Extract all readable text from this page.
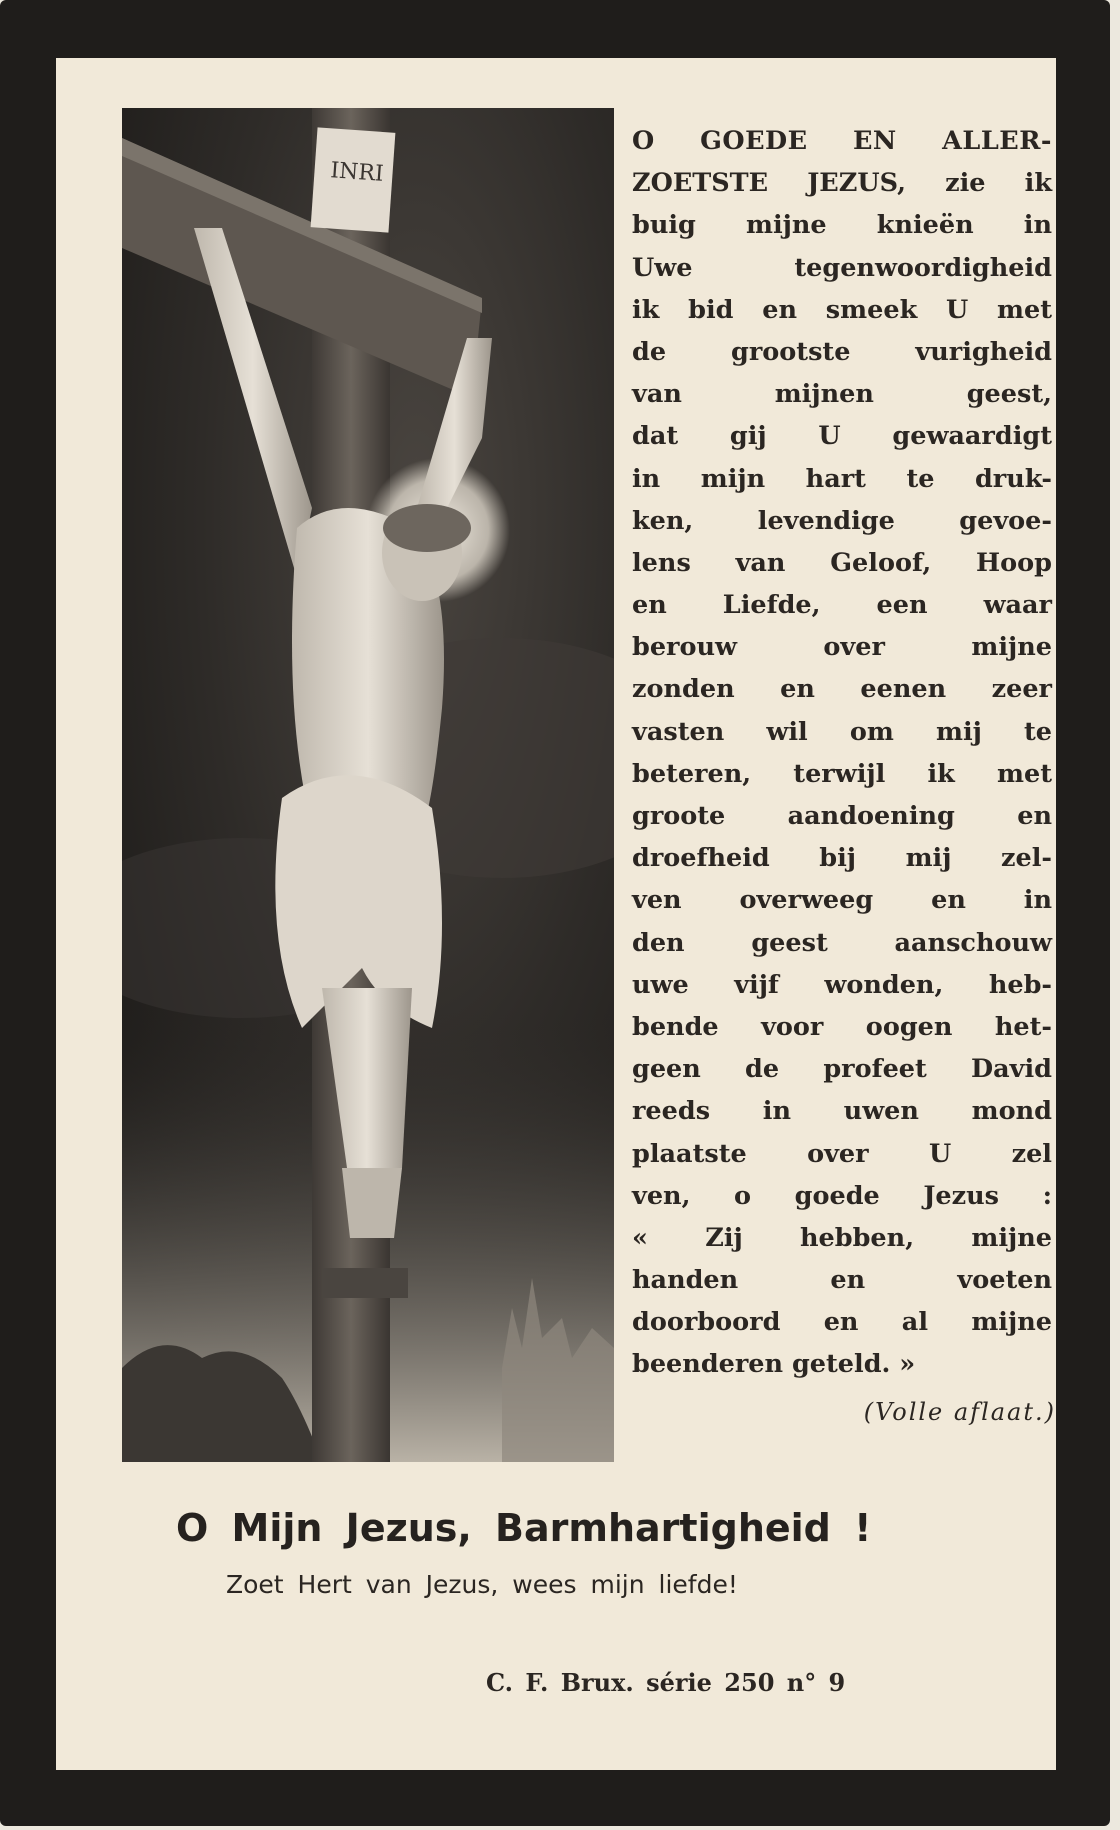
INRI
O GOEDE EN ALLER-
ZOETSTE JEZUS, zie ik
buig mijne knieën in
Uwe tegenwoordigheid
ik bid en smeek U met
de grootste vurigheid
van mijnen geest,
dat gij U gewaardigt
in mijn hart te druk-
ken, levendige gevoe-
lens van Geloof, Hoop
en Liefde, een waar
berouw over mijne
zonden en eenen zeer
vasten wil om mij te
beteren, terwijl ik met
groote aandoening en
droefheid bij mij zel-
ven overweeg en in
den geest aanschouw
uwe vijf wonden, heb-
bende voor oogen het-
geen de profeet David
reeds in uwen mond
plaatste over U zel
ven, o goede Jezus :
« Zij hebben, mijne
handen en voeten
doorboord en al mijne
beenderen geteld. »
(Volle aflaat.)
O Mijn Jezus, Barmhartigheid !
Zoet Hert van Jezus, wees mijn liefde!
C. F. Brux. série 250 n° 9
